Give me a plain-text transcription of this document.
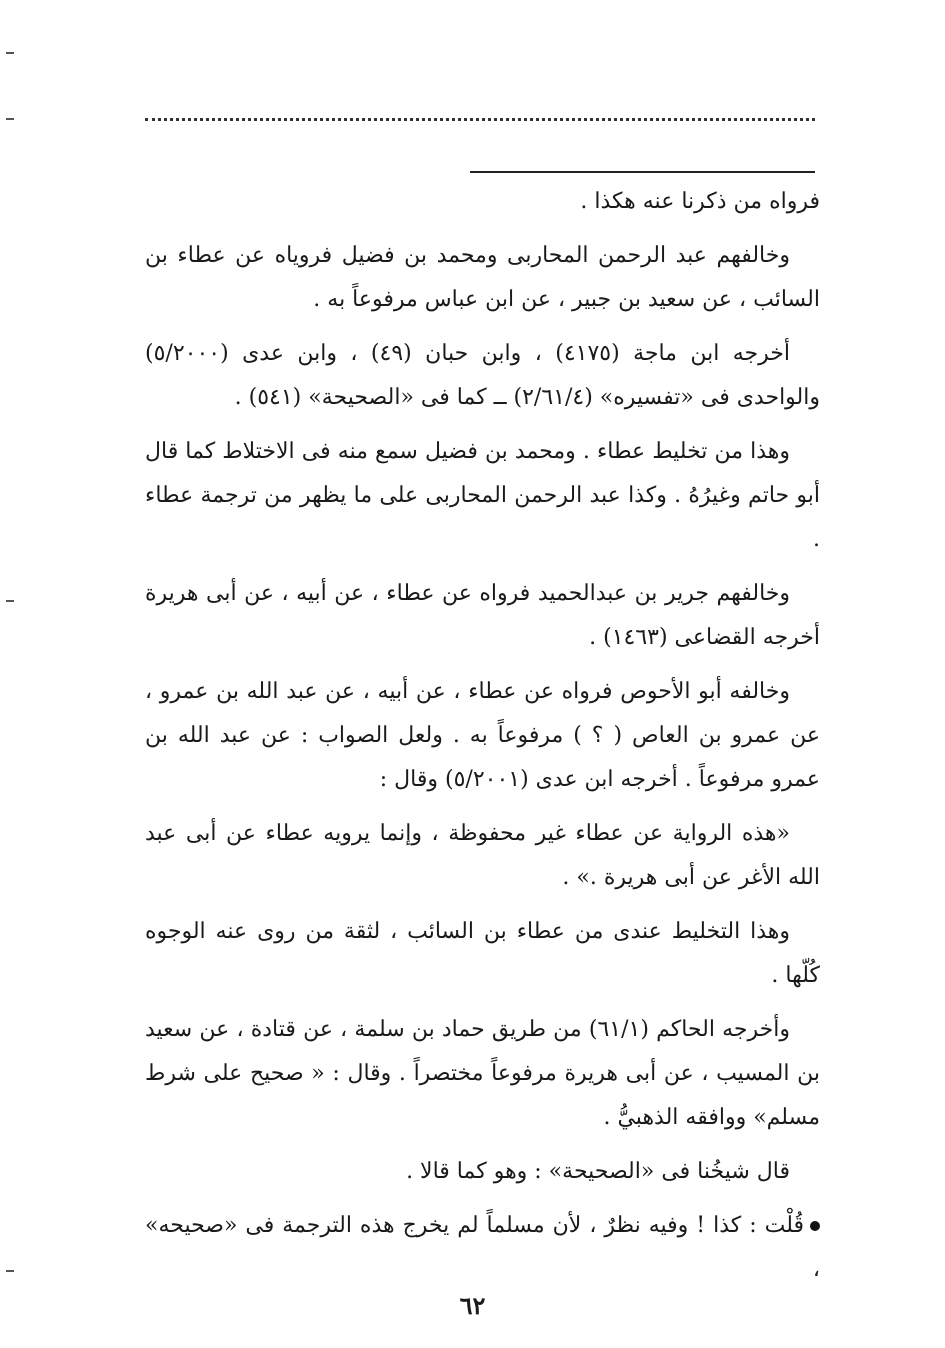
فرواه من ذكرنا عنه هكذا .

وخالفهم عبد الرحمن المحاربى ومحمد بن فضيل فروياه عن عطاء بن السائب ، عن سعيد بن جبير ، عن ابن عباس مرفوعاً به .

أخرجه ابن ماجة (٤١٧٥) ، وابن حبان (٤٩) ، وابن عدى (٥/٢٠٠٠) والواحدى فى «تفسيره» (٢/٦١/٤) ــ كما فى «الصحيحة» (٥٤١) .

وهذا من تخليط عطاء . ومحمد بن فضيل سمع منه فى الاختلاط كما قال أبو حاتم وغيرُهُ . وكذا عبد الرحمن المحاربى على ما يظهر من ترجمة عطاء .

وخالفهم جرير بن عبدالحميد فرواه عن عطاء ، عن أبيه ، عن أبى هريرة أخرجه القضاعى (١٤٦٣) .

وخالفه أبو الأحوص فرواه عن عطاء ، عن أبيه ، عن عبد الله بن عمرو ، عن عمرو بن العاص ( ؟ ) مرفوعاً به . ولعل الصواب : عن عبد الله بن عمرو مرفوعاً . أخرجه ابن عدى (٥/٢٠٠١) وقال :

«هذه الرواية عن عطاء غير محفوظة ، وإنما يرويه عطاء عن أبى عبد الله الأغر عن أبى هريرة .» .

وهذا التخليط عندى من عطاء بن السائب ، لثقة من روى عنه الوجوه كُلّها .

وأخرجه الحاكم (٦١/١) من طريق حماد بن سلمة ، عن قتادة ، عن سعيد بن المسيب ، عن أبى هريرة مرفوعاً مختصراً . وقال : « صحيح على شرط مسلم» ووافقه الذهبيُّ .

قال شيخُنا فى «الصحيحة» : وهو كما قالا .

قُلْت : كذا ! وفيه نظرٌ ، لأن مسلماً لم يخرج هذه الترجمة فى «صحيحه» ،

٦٢
